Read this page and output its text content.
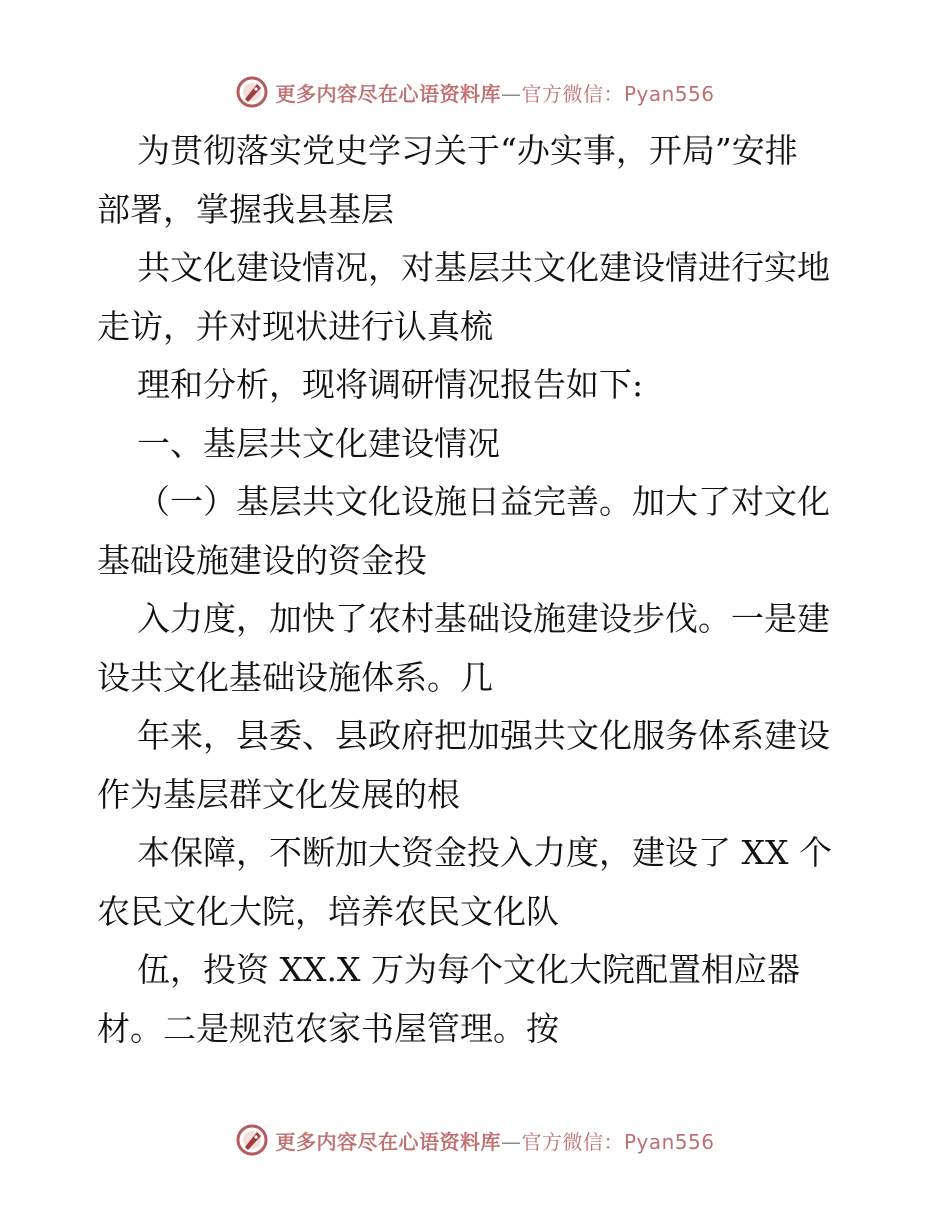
更多内容尽在心语资料库 — 官方微信：Pyan556
为贯彻落实党史学习关于“办实事，开局”安排
部署，掌握我县基层
共文化建设情况，对基层共文化建设情进行实地
走访，并对现状进行认真梳
理和分析，现将调研情况报告如下:
一、基层共文化建设情况
（一）基层共文化设施日益完善。加大了对文化
基础设施建设的资金投
入力度，加快了农村基础设施建设步伐。一是建
设共文化基础设施体系。几
年来，县委、县政府把加强共文化服务体系建设
作为基层群文化发展的根
本保障，不断加大资金投入力度，建设了 XX 个
农民文化大院，培养农民文化队
伍，投资 XX.X 万为每个文化大院配置相应器
材。二是规范农家书屋管理。按
更多内容尽在心语资料库 — 官方微信：Pyan556
